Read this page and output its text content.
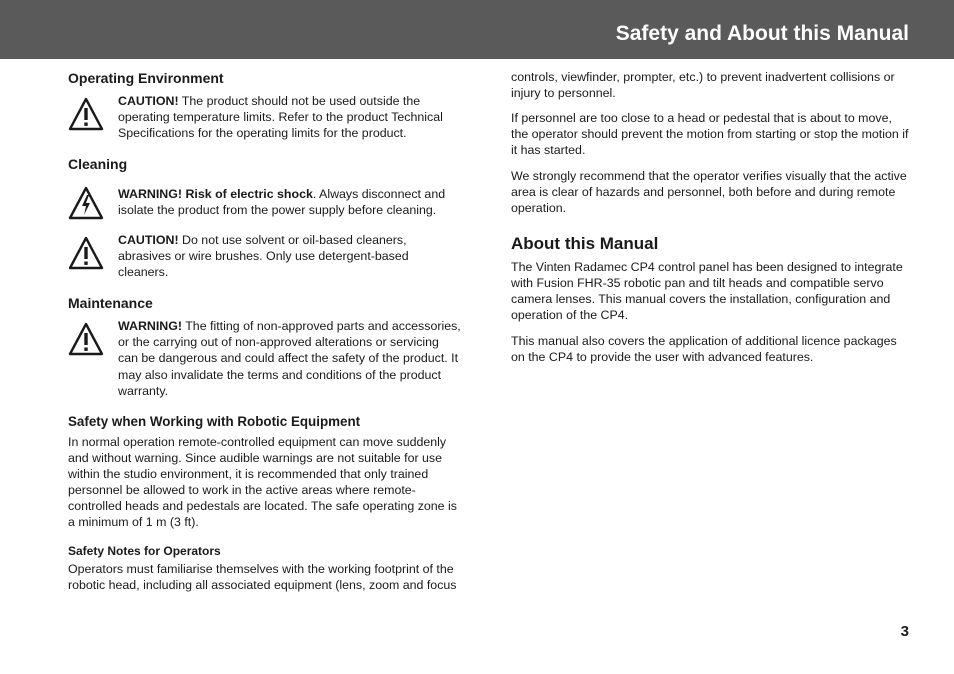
Safety and About this Manual
Operating Environment

CAUTION! The product should not be used outside the operating temperature limits. Refer to the product Technical Specifications for the operating limits for the product.

Cleaning

WARNING! Risk of electric shock. Always disconnect and isolate the product from the power supply before cleaning.

CAUTION! Do not use solvent or oil-based cleaners, abrasives or wire brushes. Only use detergent-based cleaners.

Maintenance

WARNING! The fitting of non-approved parts and accessories, or the carrying out of non-approved alterations or servicing can be dangerous and could affect the safety of the product. It may also invalidate the terms and conditions of the product warranty.

Safety when Working with Robotic Equipment

In normal operation remote-controlled equipment can move suddenly and without warning. Since audible warnings are not suitable for use within the studio environment, it is recommended that only trained personnel be allowed to work in the active areas where remote-controlled heads and pedestals are located. The safe operating zone is a minimum of 1 m (3 ft).

Safety Notes for Operators

Operators must familiarise themselves with the working footprint of the robotic head, including all associated equipment (lens, zoom and focus

controls, viewfinder, prompter, etc.) to prevent inadvertent collisions or injury to personnel.

If personnel are too close to a head or pedestal that is about to move, the operator should prevent the motion from starting or stop the motion if it has started.

We strongly recommend that the operator verifies visually that the active area is clear of hazards and personnel, both before and during remote operation.

About this Manual

The Vinten Radamec CP4 control panel has been designed to integrate with Fusion FHR-35 robotic pan and tilt heads and compatible servo camera lenses. This manual covers the installation, configuration and operation of the CP4.

This manual also covers the application of additional licence packages on the CP4 to provide the user with advanced features.

3
